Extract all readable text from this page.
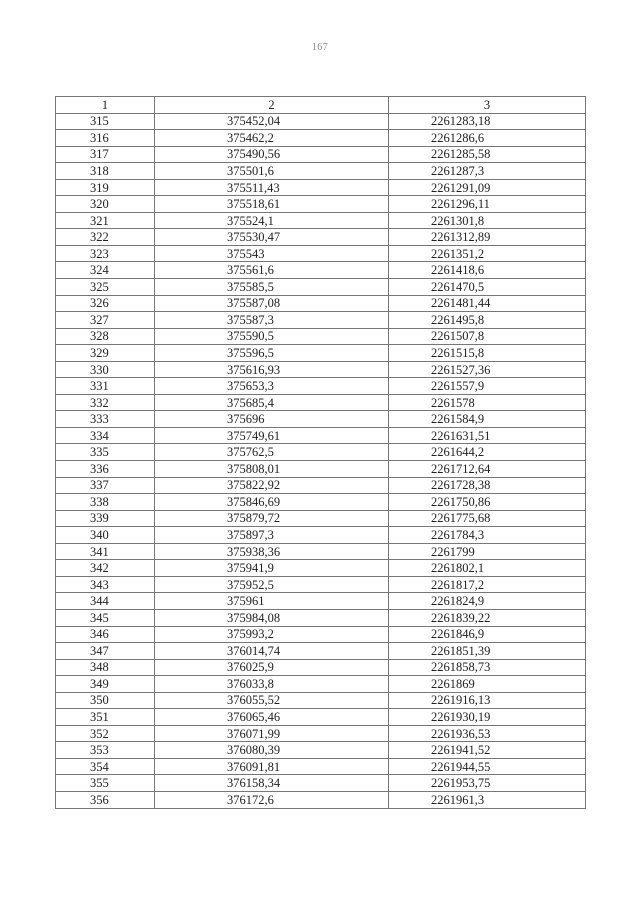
167
1	2	3
315	375452,04	2261283,18
316	375462,2	2261286,6
317	375490,56	2261285,58
318	375501,6	2261287,3
319	375511,43	2261291,09
320	375518,61	2261296,11
321	375524,1	2261301,8
322	375530,47	2261312,89
323	375543	2261351,2
324	375561,6	2261418,6
325	375585,5	2261470,5
326	375587,08	2261481,44
327	375587,3	2261495,8
328	375590,5	2261507,8
329	375596,5	2261515,8
330	375616,93	2261527,36
331	375653,3	2261557,9
332	375685,4	2261578
333	375696	2261584,9
334	375749,61	2261631,51
335	375762,5	2261644,2
336	375808,01	2261712,64
337	375822,92	2261728,38
338	375846,69	2261750,86
339	375879,72	2261775,68
340	375897,3	2261784,3
341	375938,36	2261799
342	375941,9	2261802,1
343	375952,5	2261817,2
344	375961	2261824,9
345	375984,08	2261839,22
346	375993,2	2261846,9
347	376014,74	2261851,39
348	376025,9	2261858,73
349	376033,8	2261869
350	376055,52	2261916,13
351	376065,46	2261930,19
352	376071,99	2261936,53
353	376080,39	2261941,52
354	376091,81	2261944,55
355	376158,34	2261953,75
356	376172,6	2261961,3
